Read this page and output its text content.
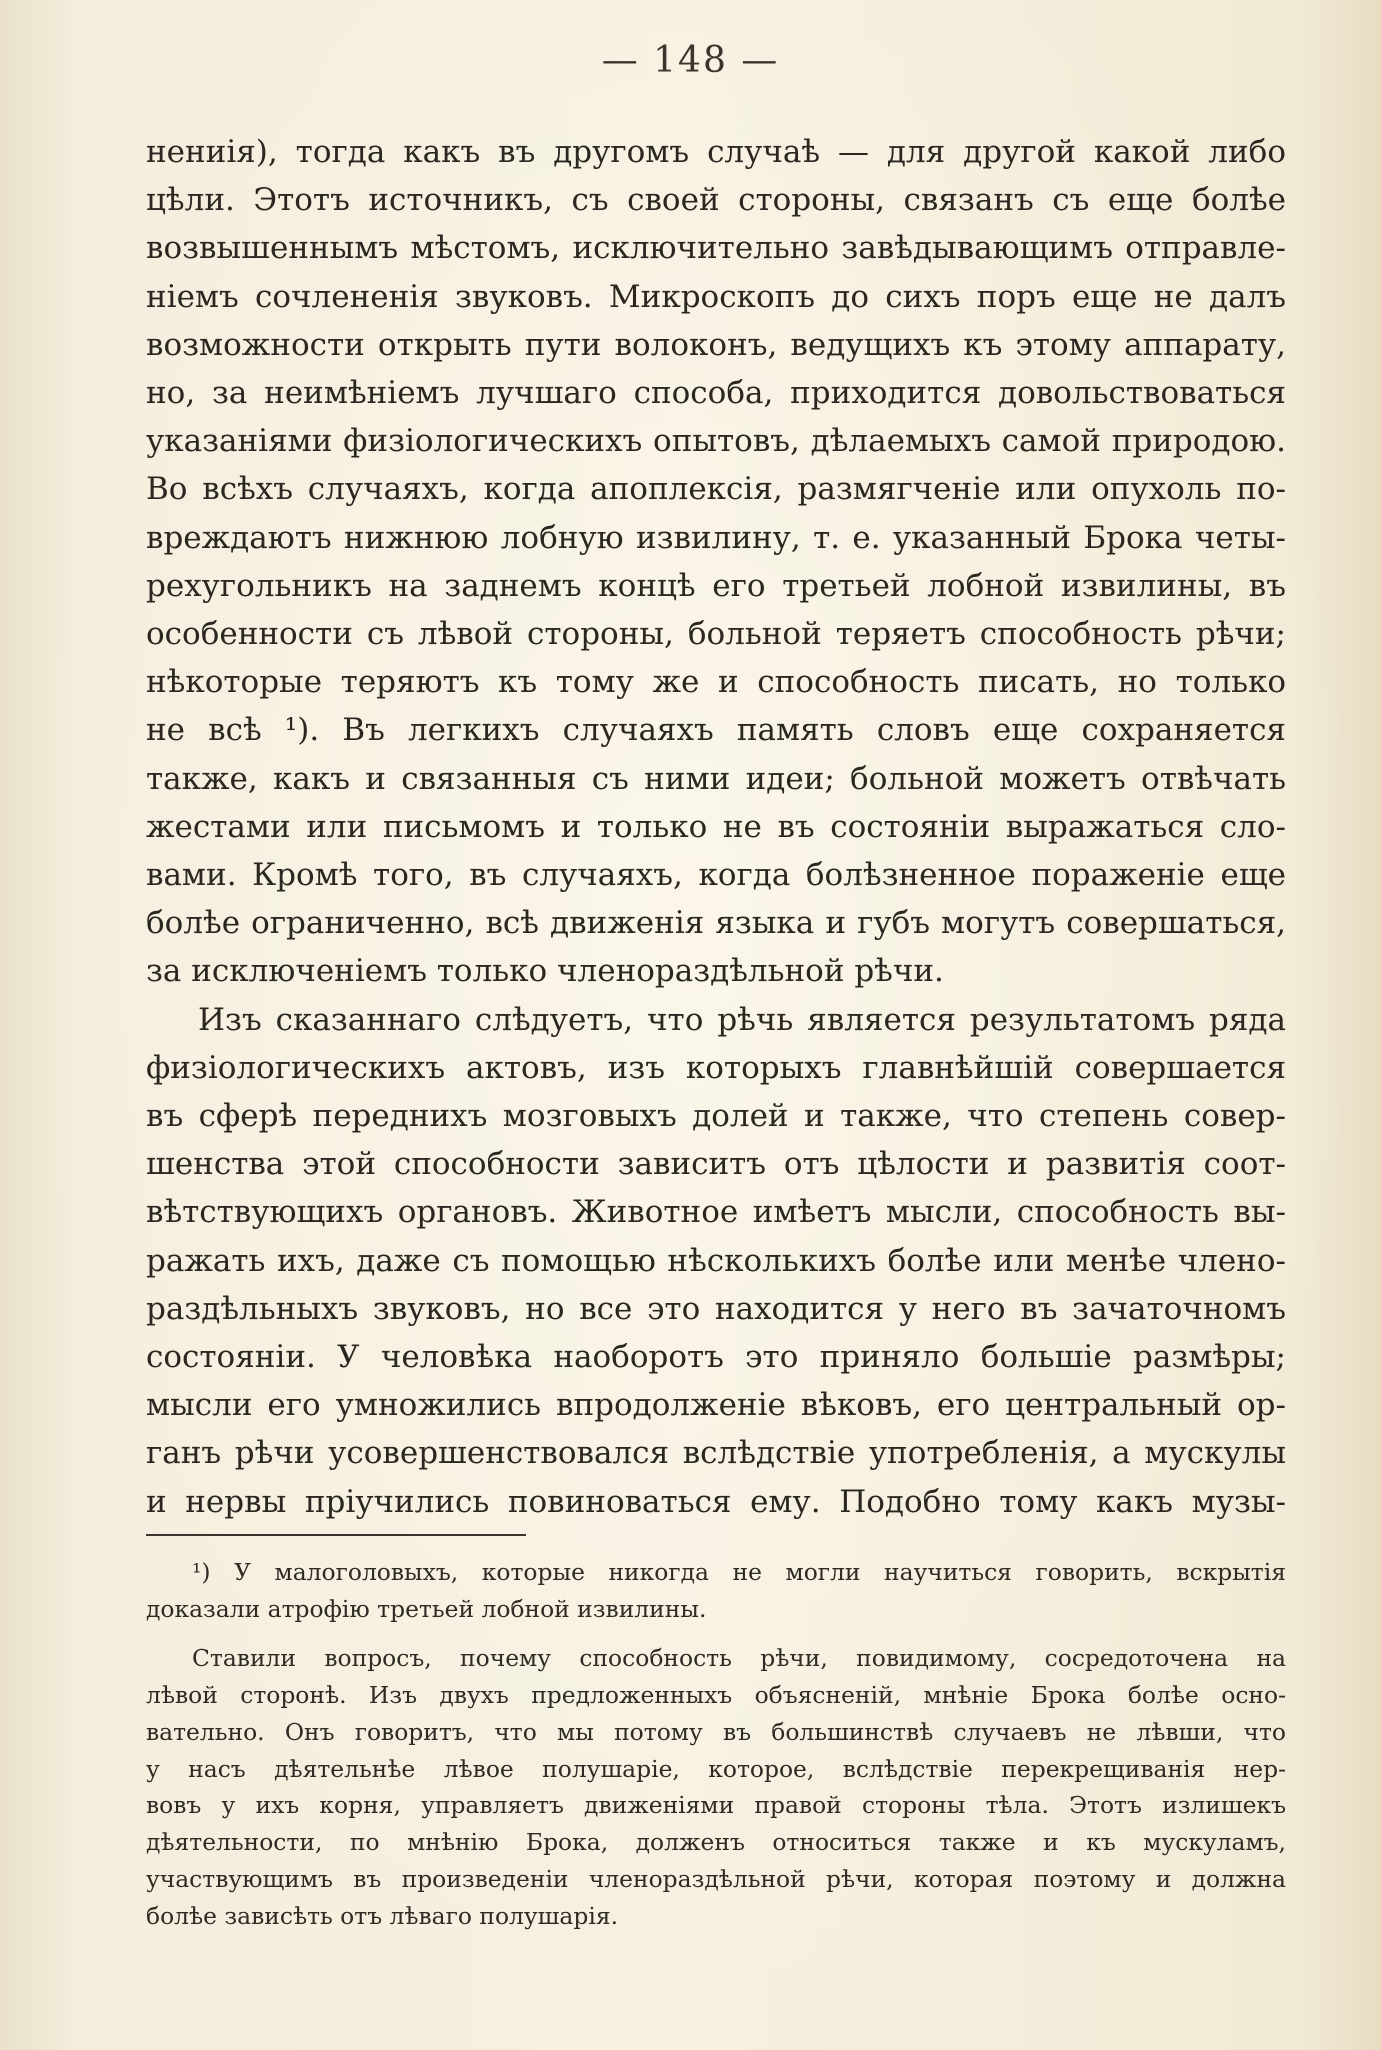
— 148 —
нениія), тогда какъ въ другомъ случаѣ — для другой какой либо
цѣли. Этотъ источникъ, съ своей стороны, связанъ съ еще болѣе
возвышеннымъ мѣстомъ, исключительно завѣдывающимъ отправле-
ніемъ сочлененія звуковъ. Микроскопъ до сихъ поръ еще не далъ
возможности открыть пути волоконъ, ведущихъ къ этому аппарату,
но, за неимѣніемъ лучшаго способа, приходится довольствоваться
указаніями физіологическихъ опытовъ, дѣлаемыхъ самой природою.
Во всѣхъ случаяхъ, когда апоплексія, размягченіе или опухоль по-
вреждаютъ нижнюю лобную извилину, т. е. указанный Брока четы-
рехугольникъ на заднемъ концѣ его третьей лобной извилины, въ
особенности съ лѣвой стороны, больной теряетъ способность рѣчи;
нѣкоторые теряютъ къ тому же и способность писать, но только
не всѣ ¹). Въ легкихъ случаяхъ память словъ еще сохраняется
также, какъ и связанныя съ ними идеи; больной можетъ отвѣчать
жестами или письмомъ и только не въ состояніи выражаться сло-
вами. Кромѣ того, въ случаяхъ, когда болѣзненное пораженіе еще
болѣе ограниченно, всѣ движенія языка и губъ могутъ совершаться,
за исключеніемъ только членораздѣльной рѣчи.
Изъ сказаннаго слѣдуетъ, что рѣчь является результатомъ ряда
физіологическихъ актовъ, изъ которыхъ главнѣйшій совершается
въ сферѣ переднихъ мозговыхъ долей и также, что степень совер-
шенства этой способности зависитъ отъ цѣлости и развитія соот-
вѣтствующихъ органовъ. Животное имѣетъ мысли, способность вы-
ражать ихъ, даже съ помощью нѣсколькихъ болѣе или менѣе члено-
раздѣльныхъ звуковъ, но все это находится у него въ зачаточномъ
состояніи. У человѣка наоборотъ это приняло большіе размѣры;
мысли его умножились впродолженіе вѣковъ, его центральный ор-
ганъ рѣчи усовершенствовался вслѣдствіе употребленія, а мускулы
и нервы пріучились повиноваться ему. Подобно тому какъ музы-
¹) У малоголовыхъ, которые никогда не могли научиться говорить, вскрытія
доказали атрофію третьей лобной извилины.
Ставили вопросъ, почему способность рѣчи, повидимому, сосредоточена на
лѣвой сторонѣ. Изъ двухъ предложенныхъ объясненій, мнѣніе Брока болѣе осно-
вательно. Онъ говоритъ, что мы потому въ большинствѣ случаевъ не лѣвши, что
у насъ дѣятельнѣе лѣвое полушаріе, которое, вслѣдствіе перекрещиванія нер-
вовъ у ихъ корня, управляетъ движеніями правой стороны тѣла. Этотъ излишекъ
дѣятельности, по мнѣнію Брока, долженъ относиться также и къ мускуламъ,
участвующимъ въ произведеніи членораздѣльной рѣчи, которая поэтому и должна
болѣе зависѣть отъ лѣваго полушарія.
